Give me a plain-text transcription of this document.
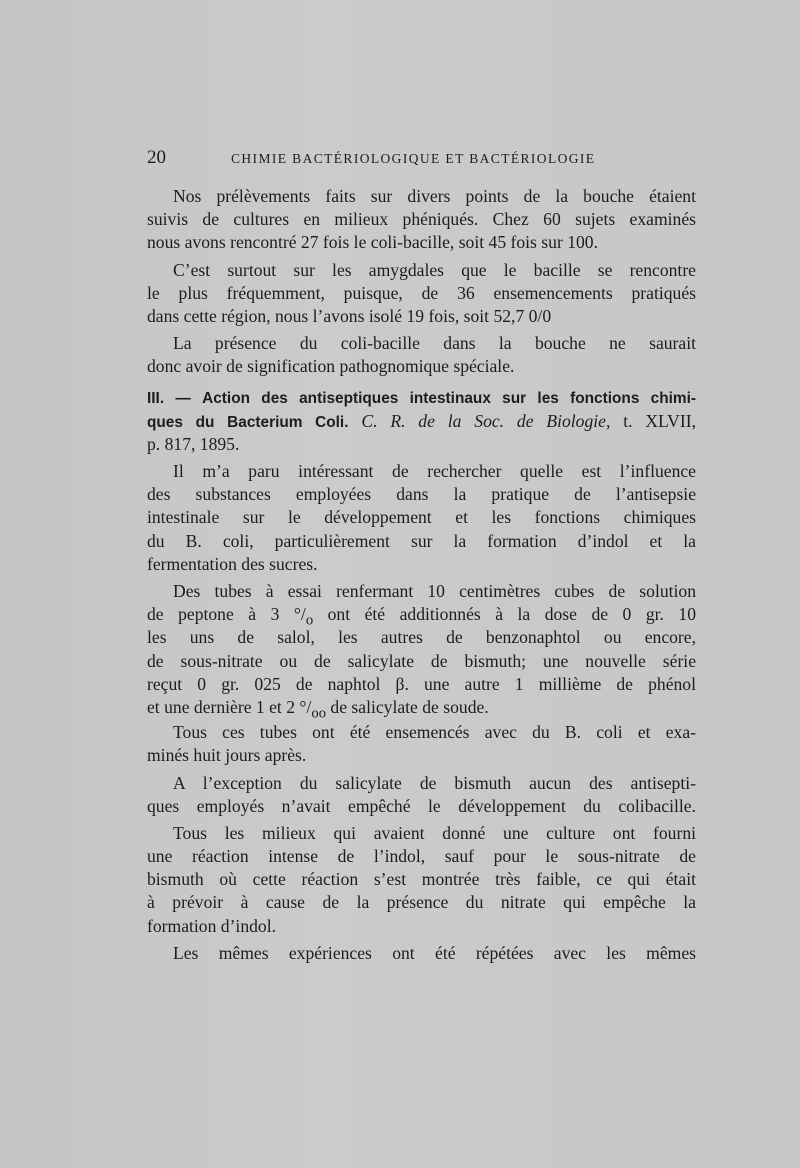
20	CHIMIE BACTÉRIOLOGIQUE ET BACTÉRIOLOGIE
Nos prélèvements faits sur divers points de la bouche étaient
suivis de cultures en milieux phéniqués. Chez 60 sujets examinés
nous avons rencontré 27 fois le coli-bacille, soit 45 fois sur 100.
C’est surtout sur les amygdales que le bacille se rencontre
le plus fréquemment, puisque, de 36 ensemencements pratiqués
dans cette région, nous l’avons isolé 19 fois, soit 52,7 0/0
La présence du coli-bacille dans la bouche ne saurait
donc avoir de signification pathognomique spéciale.
III. — Action des antiseptiques intestinaux sur les fonctions chimi-
ques du Bacterium Coli. C. R. de la Soc. de Biologie, t. XLVII,
p. 817, 1895.
Il m’a paru intéressant de rechercher quelle est l’influence
des substances employées dans la pratique de l’antisepsie
intestinale sur le développement et les fonctions chimiques
du B. coli, particulièrement sur la formation d’indol et la
fermentation des sucres.
Des tubes à essai renfermant 10 centimètres cubes de solution
de peptone à 3 $^\circ/_o$ ont été additionnés à la dose de 0 gr. 10
les uns de salol, les autres de benzonaphtol ou encore,
de sous-nitrate ou de salicylate de bismuth; une nouvelle série
reçut 0 gr. 025 de naphtol β. une autre 1 millième de phénol
et une dernière 1 et 2 $^\circ/_{oo}$ de salicylate de soude.
Tous ces tubes ont été ensemencés avec du B. coli et exa-
minés huit jours après.
A l’exception du salicylate de bismuth aucun des antisepti-
ques employés n’avait empêché le développement du colibacille.
Tous les milieux qui avaient donné une culture ont fourni
une réaction intense de l’indol, sauf pour le sous-nitrate de
bismuth où cette réaction s’est montrée très faible, ce qui était
à prévoir à cause de la présence du nitrate qui empêche la
formation d’indol.
Les mêmes expériences ont été répétées avec les mêmes
